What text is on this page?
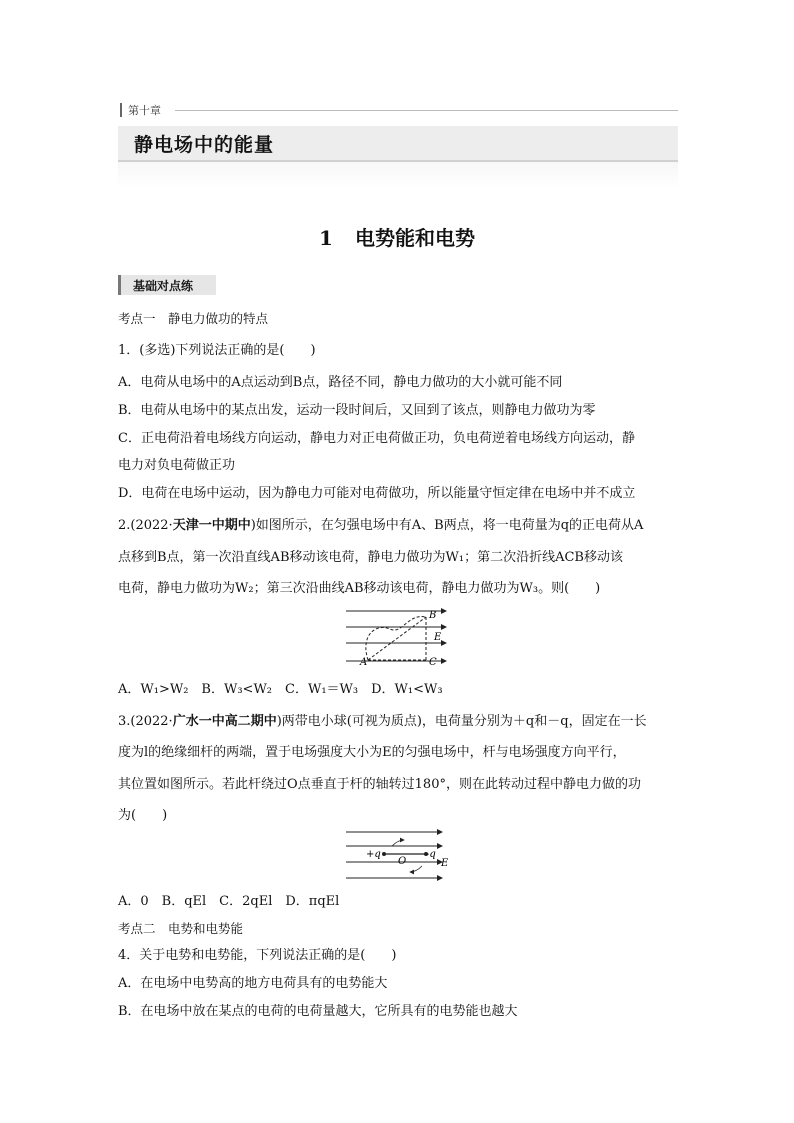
第十章
静电场中的能量
1 电势能和电势
基础对点练
考点一　静电力做功的特点
1．(多选)下列说法正确的是(　　)
A．电荷从电场中的A点运动到B点，路径不同，静电力做功的大小就可能不同
B．电荷从电场中的某点出发，运动一段时间后，又回到了该点，则静电力做功为零
C．正电荷沿着电场线方向运动，静电力对正电荷做正功，负电荷逆着电场线方向运动，静
电力对负电荷做正功
D．电荷在电场中运动，因为静电力可能对电荷做功，所以能量守恒定律在电场中并不成立
2.(2022·天津一中期中)如图所示，在匀强电场中有A、B两点，将一电荷量为q的正电荷从A
点移到B点，第一次沿直线AB移动该电荷，静电力做功为W₁；第二次沿折线ACB移动该
电荷，静电力做功为W₂；第三次沿曲线AB移动该电荷，静电力做功为W₃。则(　　)
A
B
C
E
A．W₁>W₂　B．W₃<W₂　C．W₁＝W₃　D．W₁<W₃
3.(2022·广水一中高二期中)两带电小球(可视为质点)，电荷量分别为＋q和－q，固定在一长
度为l的绝缘细杆的两端，置于电场强度大小为E的匀强电场中，杆与电场强度方向平行，
其位置如图所示。若此杆绕过O点垂直于杆的轴转过180°，则在此转动过程中静电力做的功
为(　　)
+q	-q
O	E
A．0　B．qEl　C．2qEl　D．πqEl
考点二　电势和电势能
4．关于电势和电势能，下列说法正确的是(　　)
A．在电场中电势高的地方电荷具有的电势能大
B．在电场中放在某点的电荷的电荷量越大，它所具有的电势能也越大
